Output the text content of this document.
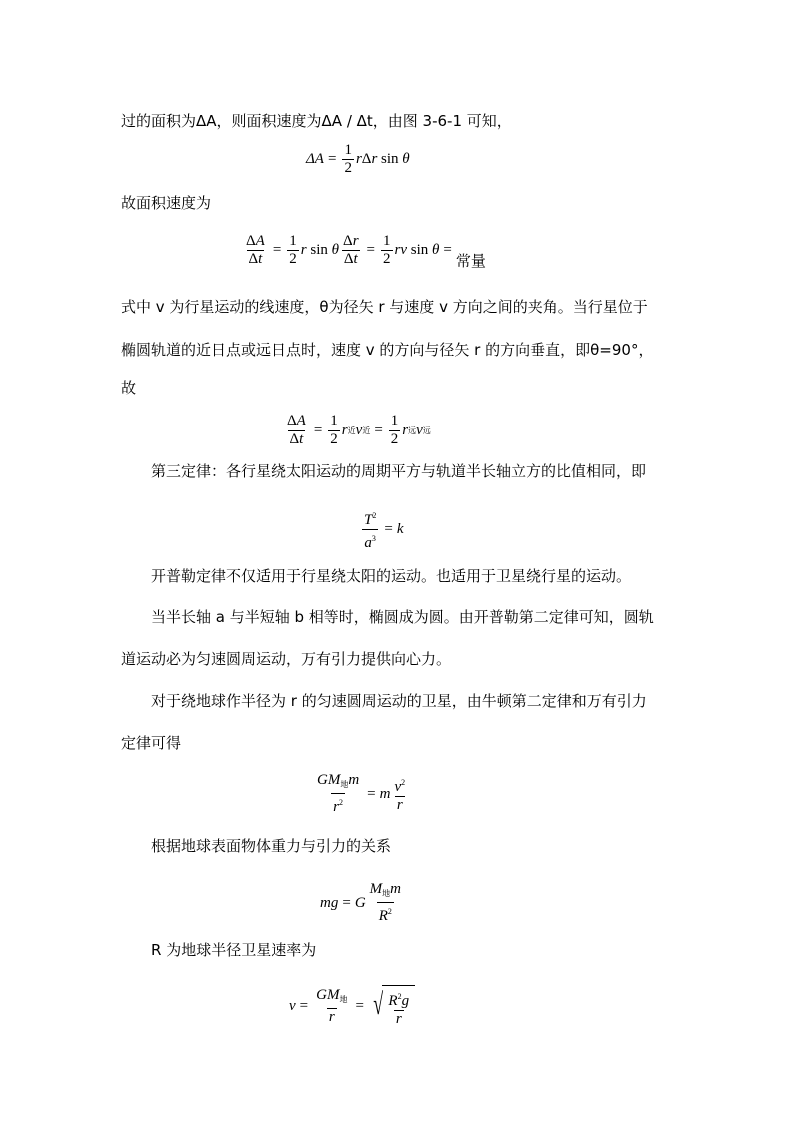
过的面积为ΔA，则面积速度为ΔA / Δt，由图 3-6-1 可知，
$\Delta A = \frac{1}{2}$ r Δ r sin θ
故面积速度为
$\frac{\Delta A}{\Delta t} = \frac{1}{2}$ r sin θ $\frac{\Delta r}{\Delta t} = \frac{1}{2}$ rv sin θ =
常量
式中 v 为行星运动的线速度，θ为径矢 r 与速度 v 方向之间的夹角。当行星位于
椭圆轨道的近日点或远日点时，速度 v 的方向与径矢 r 的方向垂直，即θ=90°，
故
$\frac{\Delta A}{\Delta t} = \frac{1}{2}$ r 近 v 近 = $\frac{1}{2}$ r 远 v 远
第三定律：各行星绕太阳运动的周期平方与轨道半长轴立方的比值相同，即
$\frac{T^2}{a^3} = k$
开普勒定律不仅适用于行星绕太阳的运动。也适用于卫星绕行星的运动。
当半长轴 a 与半短轴 b 相等时，椭圆成为圆。由开普勒第二定律可知，圆轨
道运动必为匀速圆周运动，万有引力提供向心力。
对于绕地球作半径为 r 的匀速圆周运动的卫星，由牛顿第二定律和万有引力
定律可得
$\frac{GM_地m}{r^2} = m \frac{v^2}{r}$
根据地球表面物体重力与引力的关系
mg = G $\frac{M_地m}{R^2}$
R 为地球半径卫星速率为
$v = \frac{GM_地}{r}$ = √ $\frac{R^2g}{r}$
